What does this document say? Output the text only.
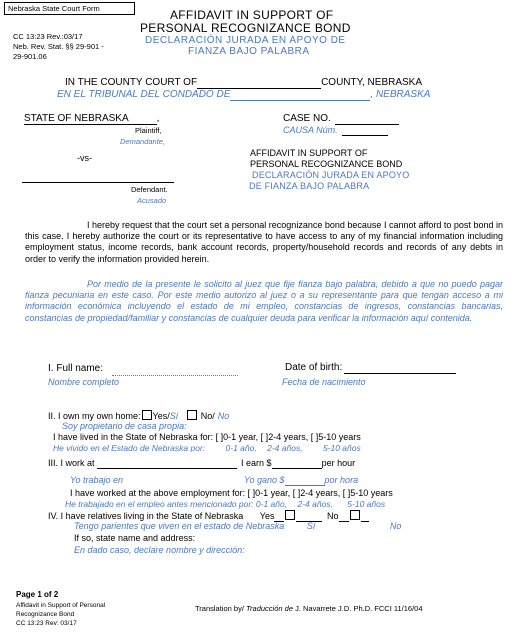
Nebraska State Court Form
CC 13:23 Rev.:03/17
Neb. Rev. Stat. §§ 29-901 -
29-901.06
AFFIDAVIT IN SUPPORT OF
PERSONAL RECOGNIZANCE BOND
DECLARACIÓN JURADA EN APOYO DE
FIANZA BAJO PALABRA
IN THE COUNTY COURT OF	COUNTY, NEBRASKA
EN EL TRIBUNAL DEL CONDADO DE	, NEBRASKA
STATE OF NEBRASKA	,
Plaintiff,
Demandante,
-vs-
Defendant.
Acusado
CASE NO.
CAUSA Núm.
AFFIDAVIT IN SUPPORT OF
PERSONAL RECOGNIZANCE BOND
DECLARACIÓN JURADA EN APOYO
DE FIANZA BAJO PALABRA
I hereby request that the court set a personal recognizance bond because I cannot afford to post bond in this case. I hereby authorize the court or its representative to have access to any of my financial information including employment status, income records, bank account records, property/household records and records of any debts in order to verify the information provided herein.
Por medio de la presente le solicito al juez que fije fianza bajo palabra, debido a que no puedo pagar fianza pecuniaria en este caso. Por este medio autorizo al juez o a su representante para que tengan acceso a mi información económica incluyendo el estado de mi empleo, constancias de ingresos, constancias bancarias, constancias de propiedad/familiar y constancias de cualquier deuda para verificar la información aquí contenida.
I. Full name:
Nombre completo
Date of birth:
Fecha de nacimiento
II. I own my own home: Yes/Sí	No/ No
Soy propietario de casa propia:
I have lived in the State of Nebraska for: [ ]0-1 year, [ ]2-4 years, [ ]5-10 years
He vivido en el Estado de Nebraska por: 0-1 año, 2-4 años, 5-10 años
III. I work at	I earn $	per hour
Yo trabajo en	Yo gano $	por hora
I have worked at the above employment for: [ ]0-1 year, [ ]2-4 years, [ ]5-10 years
He trabajado en el empleo antes mencionado por: 0-1 año, 2-4 años, 5-10 años
IV. I have relatives living in the State of Nebraska Yes	No
Tengo parientes que viven en el estado de Nebraska	Sí	No
If so, state name and address:
En dado caso, declare nombre y dirección:
Page 1 of 2
Affidavit in Support of Personal
Recognizance Bond
CC 13:23 Rev: 03/17
Translation by/ Traducción de J. Navarrete J.D. Ph.D. FCCI 11/16/04
